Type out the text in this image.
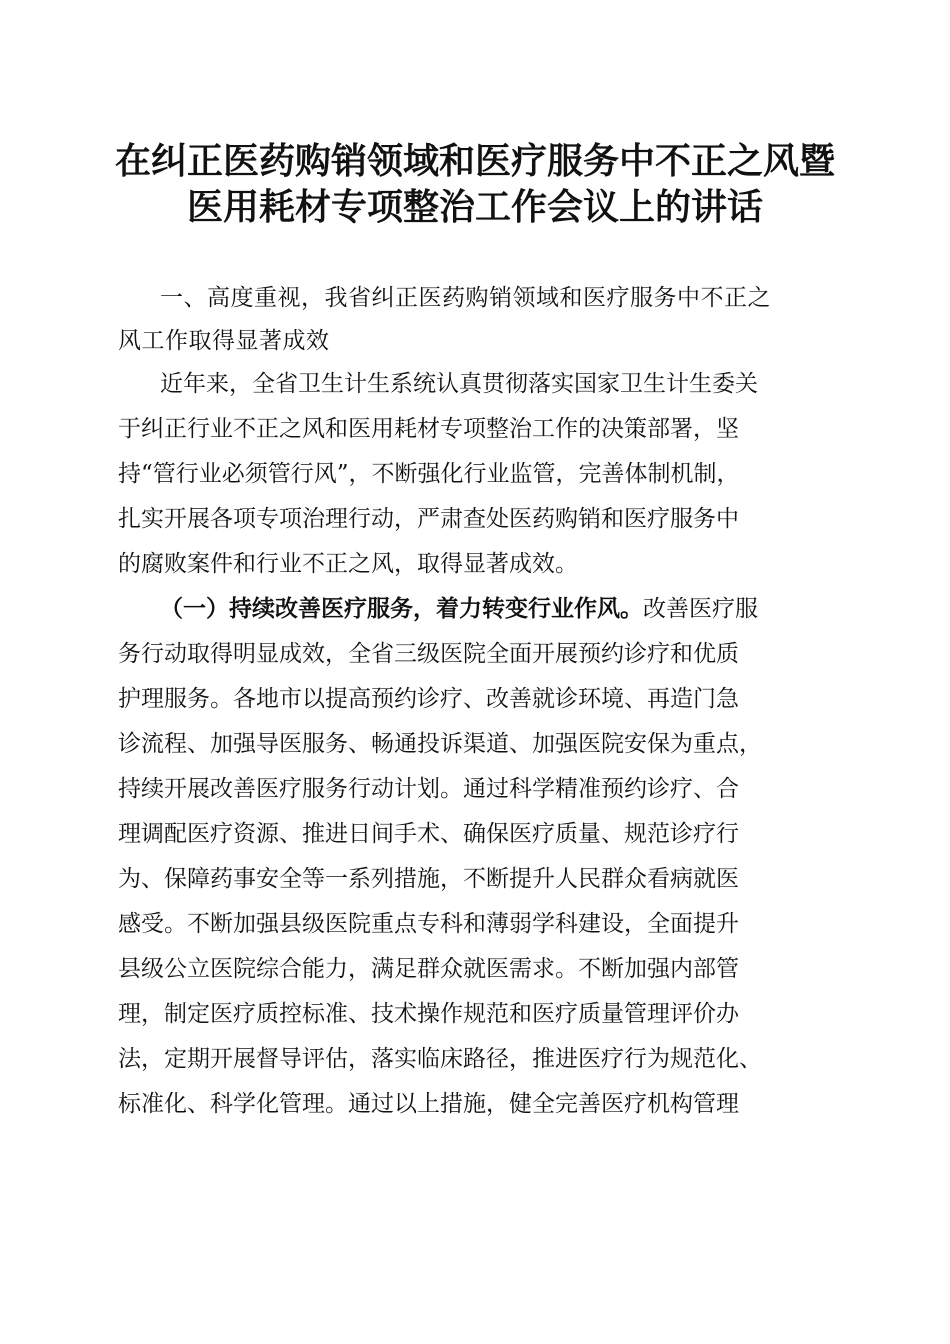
在纠正医药购销领域和医疗服务中不正之风暨
医用耗材专项整治工作会议上的讲话
一、高度重视，我省纠正医药购销领域和医疗服务中不正之
风工作取得显著成效
近年来，全省卫生计生系统认真贯彻落实国家卫生计生委关
于纠正行业不正之风和医用耗材专项整治工作的决策部署，坚
持“管行业必须管行风”，不断强化行业监管，完善体制机制，
扎实开展各项专项治理行动，严肃查处医药购销和医疗服务中
的腐败案件和行业不正之风，取得显著成效。
（一）持续改善医疗服务，着力转变行业作风。改善医疗服
务行动取得明显成效，全省三级医院全面开展预约诊疗和优质
护理服务。各地市以提高预约诊疗、改善就诊环境、再造门急
诊流程、加强导医服务、畅通投诉渠道、加强医院安保为重点，
持续开展改善医疗服务行动计划。通过科学精准预约诊疗、合
理调配医疗资源、推进日间手术、确保医疗质量、规范诊疗行
为、保障药事安全等一系列措施，不断提升人民群众看病就医
感受。不断加强县级医院重点专科和薄弱学科建设，全面提升
县级公立医院综合能力，满足群众就医需求。不断加强内部管
理，制定医疗质控标准、技术操作规范和医疗质量管理评价办
法，定期开展督导评估，落实临床路径，推进医疗行为规范化、
标准化、科学化管理。通过以上措施，健全完善医疗机构管理
